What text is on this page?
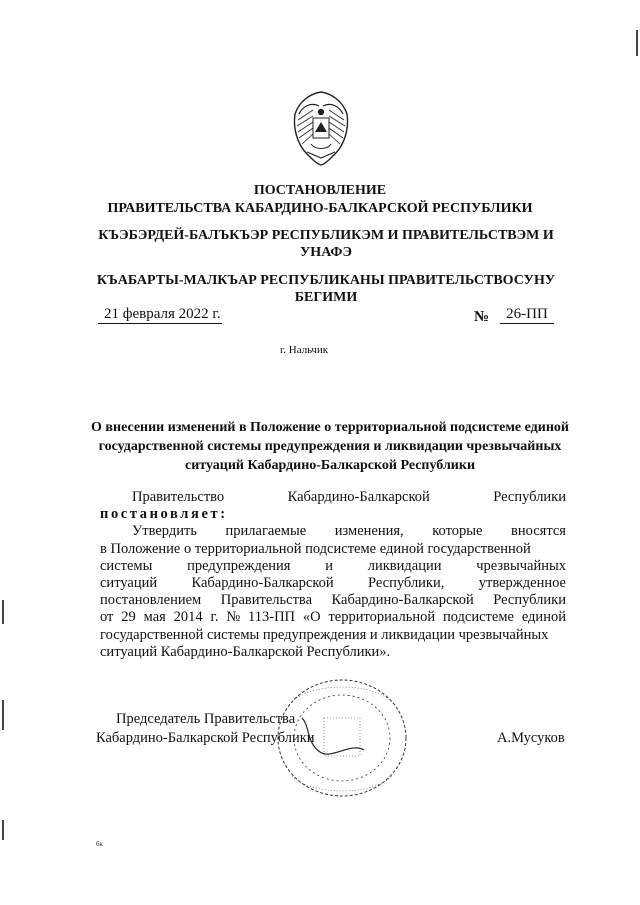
ПОСТАНОВЛЕНИЕ
ПРАВИТЕЛЬСТВА КАБАРДИНО-БАЛКАРСКОЙ РЕСПУБЛИКИ
КЪЭБЭРДЕЙ-БАЛЪКЪЭР РЕСПУБЛИКЭМ И ПРАВИТЕЛЬСТВЭМ И УНАФЭ
КЪАБАРТЫ-МАЛКЪАР РЕСПУБЛИКАНЫ ПРАВИТЕЛЬСТВОСУНУ БЕГИМИ
21 февраля 2022 г.	№	26-ПП
г. Нальчик
О внесении изменений в Положение о территориальной подсистеме единой государственной системы предупреждения и ликвидации чрезвычайных ситуаций Кабардино-Балкарской Республики
Правительство	Кабардино-Балкарской	Республики
постановляет:
Утвердить прилагаемые изменения, которые вносятся
в Положение о территориальной подсистеме единой государственной
системы предупреждения и ликвидации чрезвычайных
ситуаций Кабардино-Балкарской Республики, утвержденное
постановлением Правительства Кабардино-Балкарской Республики
от 29 мая 2014 г. № 113-ПП «О территориальной подсистеме единой
государственной системы предупреждения и ликвидации чрезвычайных
ситуаций Кабардино-Балкарской Республики».
Председатель Правительства
Кабардино-Балкарской Республики	А.Мусуков
6к
